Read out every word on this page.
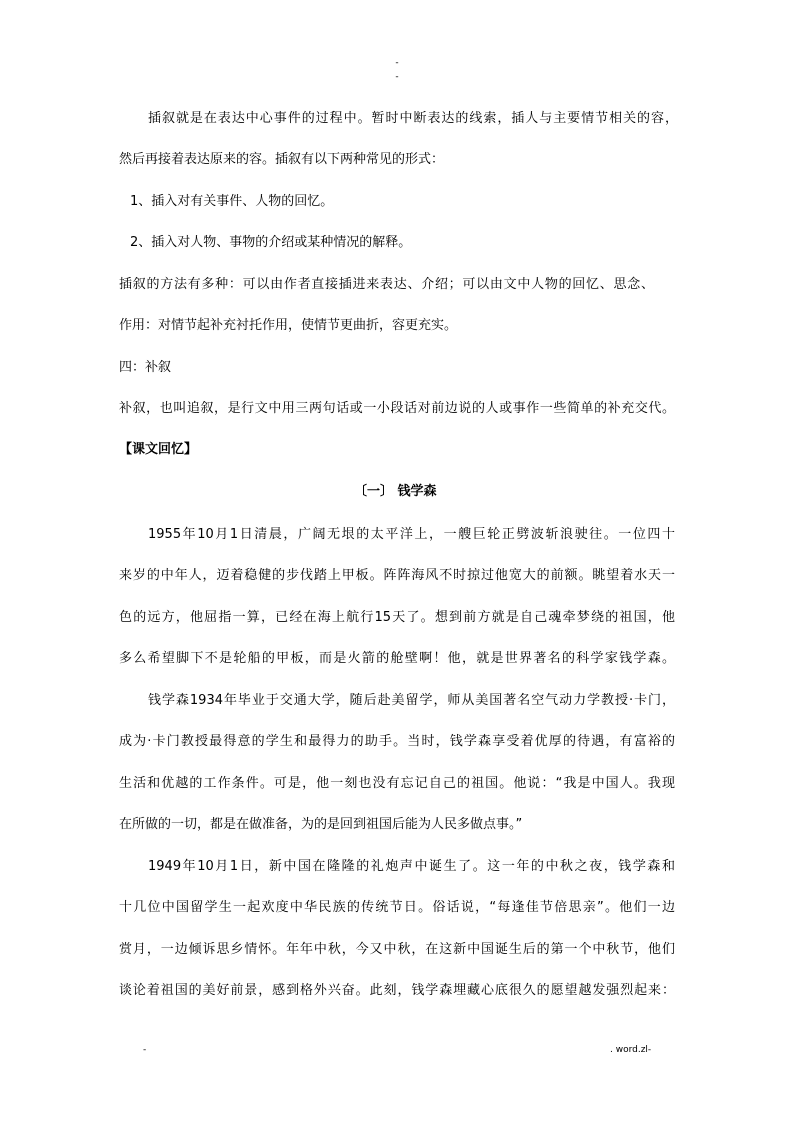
-
-
插叙就是在表达中心事件的过程中。暂时中断表达的线索，插人与主要情节相关的容，
然后再接着表达原来的容。插叙有以下两种常见的形式：
1、插入对有关事件、人物的回忆。
2、插入对人物、事物的介绍或某种情况的解释。
插叙的方法有多种：可以由作者直接插进来表达、介绍；可以由文中人物的回忆、思念、
作用：对情节起补充衬托作用，使情节更曲折，容更充实。
四：补叙
补叙，也叫追叙，是行文中用三两句话或一小段话对前边说的人或事作一些简单的补充交代。
【课文回忆】
〔一〕 钱学森
1955年10月1日清晨，广阔无垠的太平洋上，一艘巨轮正劈波斩浪驶往。一位四十
来岁的中年人，迈着稳健的步伐踏上甲板。阵阵海风不时掠过他宽大的前额。眺望着水天一
色的远方，他屈指一算，已经在海上航行15天了。想到前方就是自己魂牵梦绕的祖国，他
多么希望脚下不是轮船的甲板，而是火箭的舱壁啊！他，就是世界著名的科学家钱学森。
钱学森1934年毕业于交通大学，随后赴美留学，师从美国著名空气动力学教授·卡门，
成为·卡门教授最得意的学生和最得力的助手。当时，钱学森享受着优厚的待遇，有富裕的
生活和优越的工作条件。可是，他一刻也没有忘记自己的祖国。他说：“我是中国人。我现
在所做的一切，都是在做准备，为的是回到祖国后能为人民多做点事。”
1949年10月1日，新中国在隆隆的礼炮声中诞生了。这一年的中秋之夜，钱学森和
十几位中国留学生一起欢度中华民族的传统节日。俗话说，“每逢佳节倍思亲”。他们一边
赏月，一边倾诉思乡情怀。年年中秋，今又中秋，在这新中国诞生后的第一个中秋节，他们
谈论着祖国的美好前景，感到格外兴奋。此刻，钱学森埋藏心底很久的愿望越发强烈起来：
-	. word.zl-
